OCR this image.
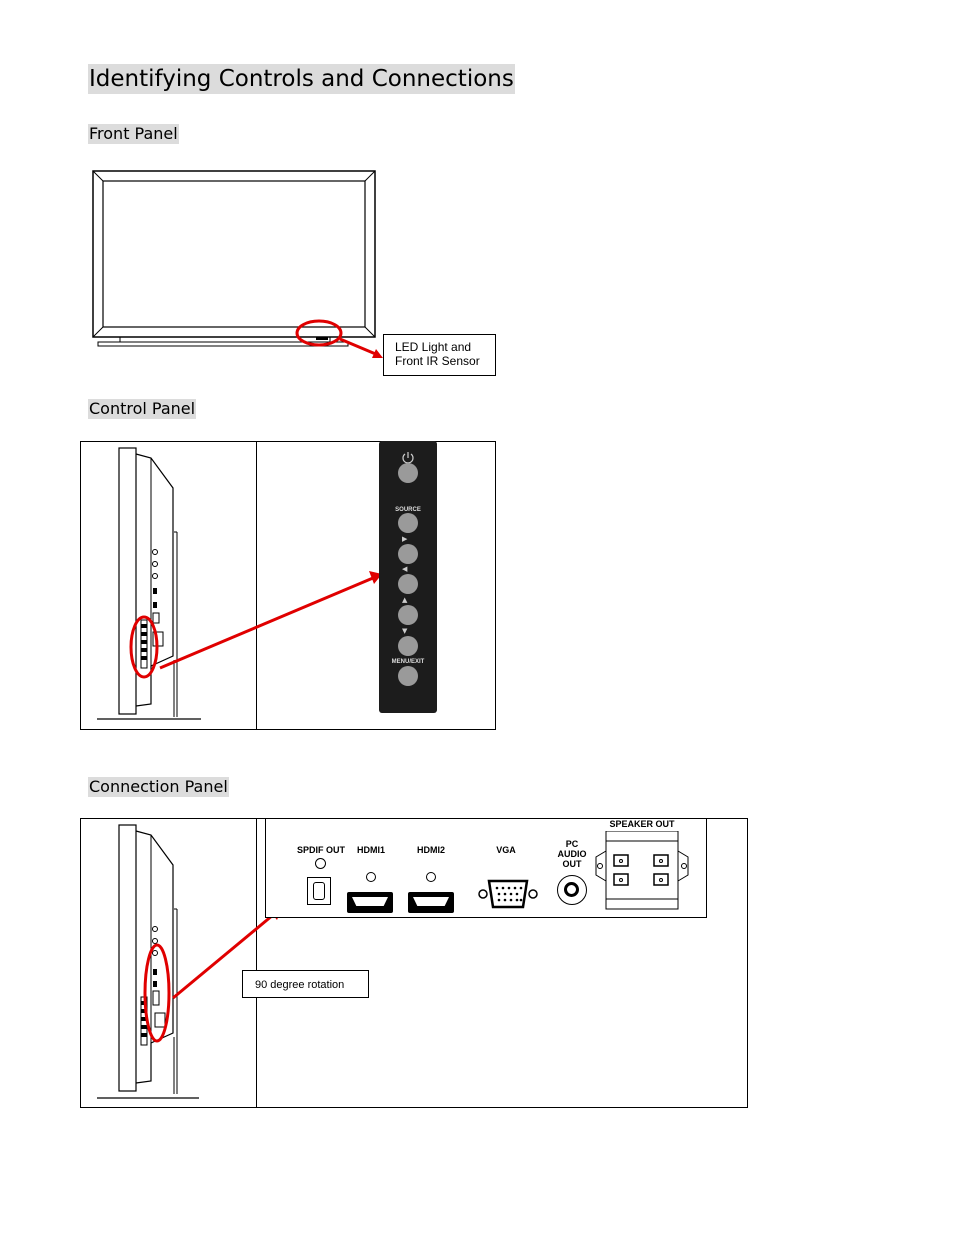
Identifying Controls and Connections
Front Panel
LED Light and
Front IR Sensor
Control Panel
SOURCE
▶
◀
▲
▼
MENU/EXIT
Connection Panel
SPDIF OUT	HDMI1	HDMI2	VGA
PC
AUDIO
OUT
SPEAKER OUT
90 degree rotation
